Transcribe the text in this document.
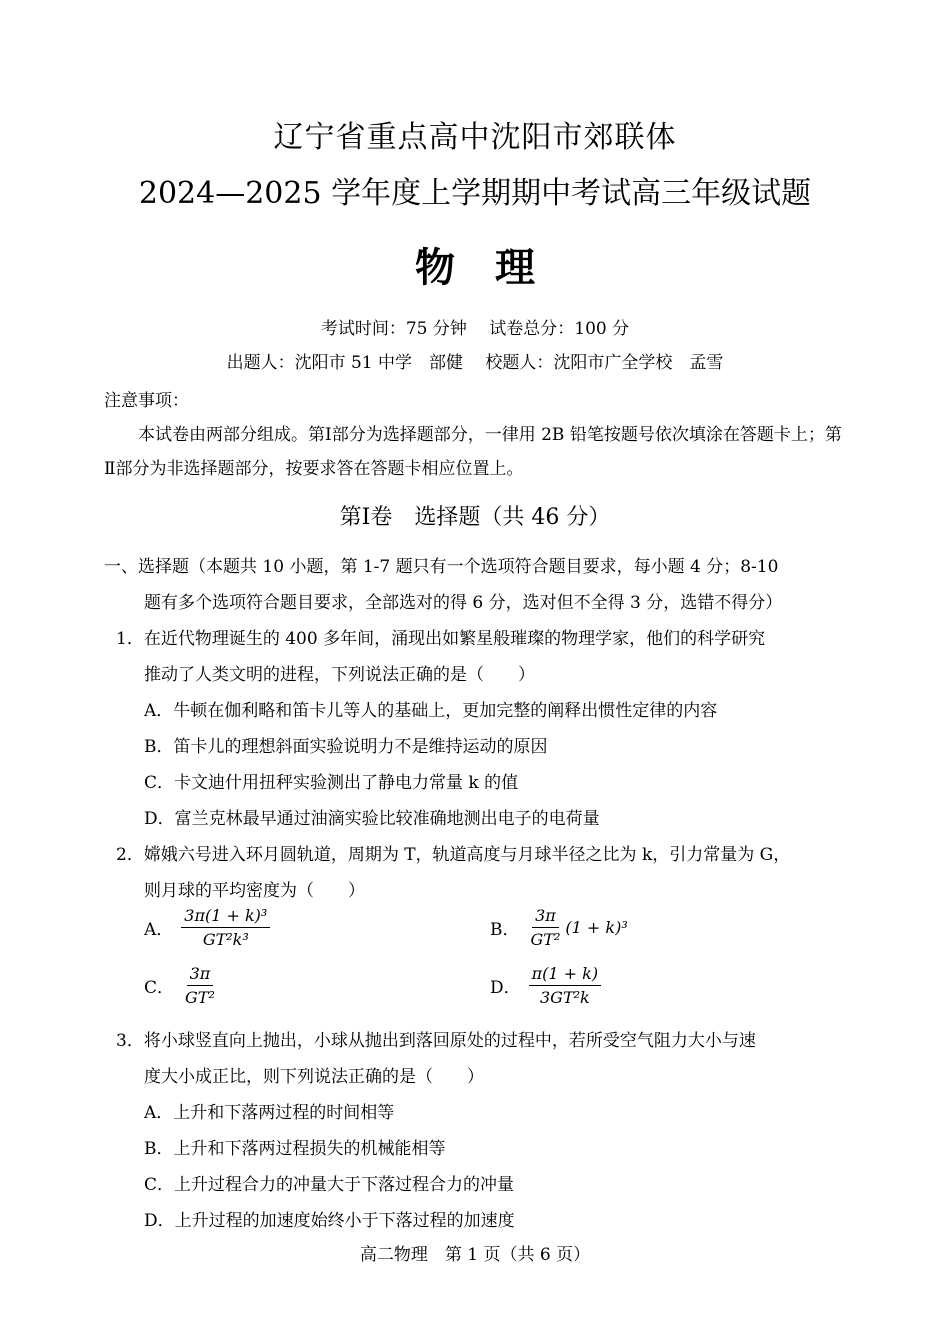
辽宁省重点高中沈阳市郊联体
2024—2025 学年度上学期期中考试高三年级试题
物理
考试时间：75 分钟　 试卷总分：100 分
出题人：沈阳市 51 中学　部健　 校题人：沈阳市广全学校　孟雪
注意事项：
本试卷由两部分组成。第Ⅰ部分为选择题部分，一律用 2B 铅笔按题号依次填涂在答题卡上；第Ⅱ部分为非选择题部分，按要求答在答题卡相应位置上。
第Ⅰ卷　选择题（共 46 分）
一、选择题（本题共 10 小题，第 1-7 题只有一个选项符合题目要求，每小题 4 分；8-10
题有多个选项符合题目要求，全部选对的得 6 分，选对但不全得 3 分，选错不得分）
1．在近代物理诞生的 400 多年间，涌现出如繁星般璀璨的物理学家，他们的科学研究
推动了人类文明的进程，下列说法正确的是（　　）
A．牛顿在伽利略和笛卡儿等人的基础上，更加完整的阐释出惯性定律的内容
B．笛卡儿的理想斜面实验说明力不是维持运动的原因
C．卡文迪什用扭秤实验测出了静电力常量 k 的值
D．富兰克林最早通过油滴实验比较准确地测出电子的电荷量
2．嫦娥六号进入环月圆轨道，周期为 T，轨道高度与月球半径之比为 k，引力常量为 G，
则月球的平均密度为（　　）
A． $\frac{\text{3π(1 + k)³}}{\text{GT²k³}}$	B． $\frac{3\pi}{\text{GT²}} (1 + k)^3$
C． $\frac{3\pi}{\text{GT²}}$	D． $\frac{\pi(1 + k)}{\text{3GT²k}}$
3．将小球竖直向上抛出，小球从抛出到落回原处的过程中，若所受空气阻力大小与速
度大小成正比，则下列说法正确的是（　　）
A．上升和下落两过程的时间相等
B．上升和下落两过程损失的机械能相等
C．上升过程合力的冲量大于下落过程合力的冲量
D．上升过程的加速度始终小于下落过程的加速度
高二物理　第 1 页（共 6 页）
